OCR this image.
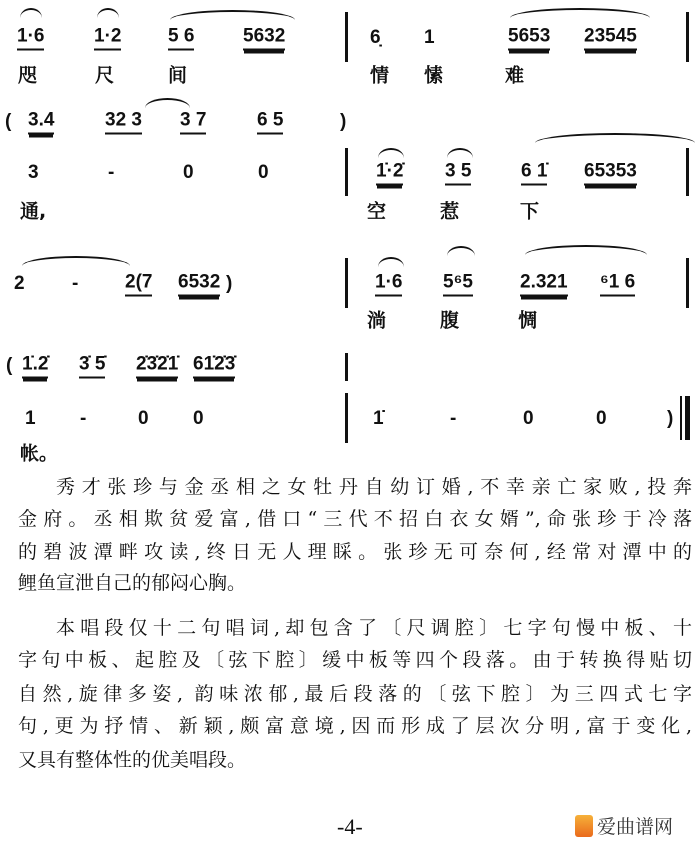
1·6	1·2 5 6	5632	6̣ 1	5653 23545
咫	尺	间	情 愫	难
( 3.4	32 3 3 7	6 5	)
3	-	0	0	1̇·2̇ 3 5	6 1̇ 65353
通,	空	惹	下
2 - 2(7 6532 )	1·6 5⁶5 2.321 ⁶1 6
淌	腹	惆
( 1̇.2̇ 3̇ 5̇ 2̇3̇2̇1̇ 61̇2̇3̇
1 -	0 0	1̇	-	0	0	)
帐。
秀才张珍与金丞相之女牡丹自幼订婚,不幸亲亡家败,投奔
金府。丞相欺贫爱富,借口“三代不招白衣女婿”,命张珍于冷落
的碧波潭畔攻读,终日无人理睬。张珍无可奈何,经常对潭中的
鲤鱼宣泄自己的郁闷心胸。
本唱段仅十二句唱词,却包含了〔尺调腔〕七字句慢中板、十
字句中板、起腔及〔弦下腔〕缓中板等四个段落。由于转换得贴切
自然,旋律多姿, 韵味浓郁,最后段落的〔弦下腔〕为三四式七字
句,更为抒情、新颖,颇富意境,因而形成了层次分明,富于变化,
又具有整体性的优美唱段。
-4-	爱曲谱网
